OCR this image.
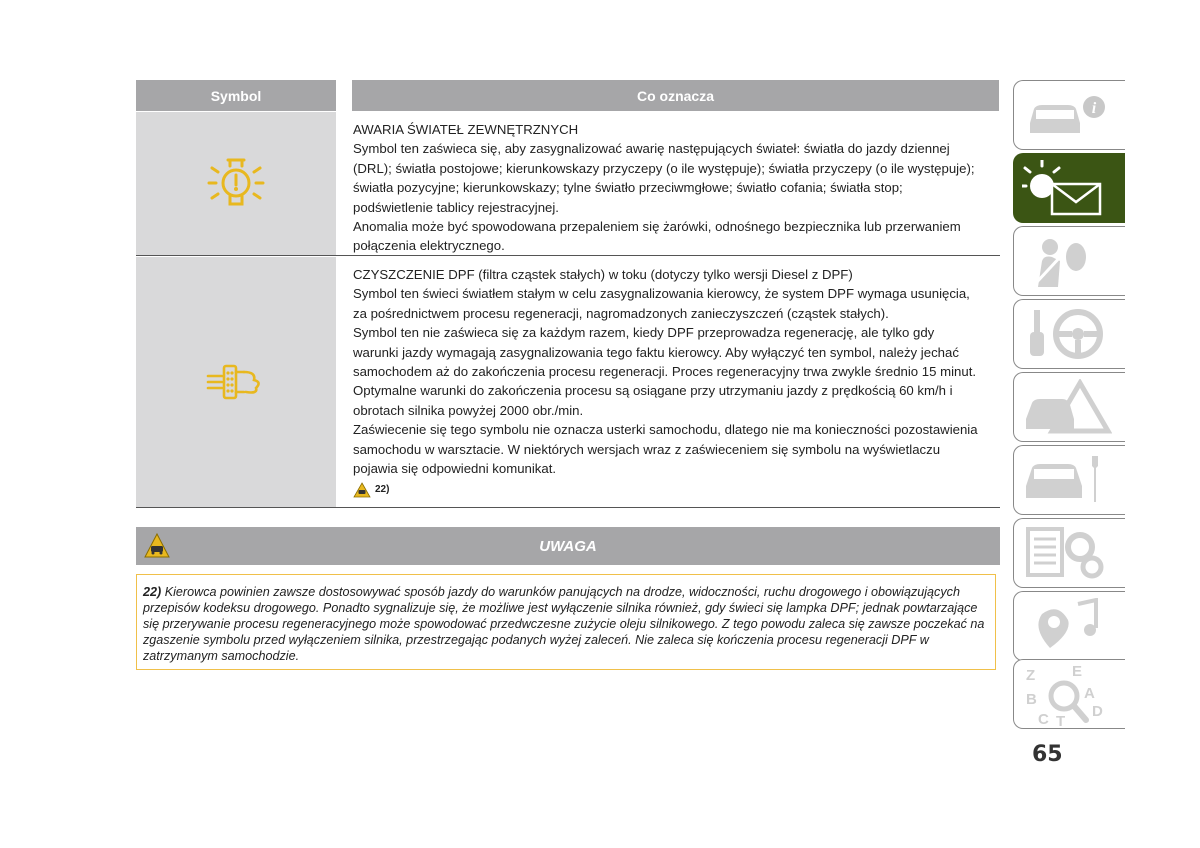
Symbol	Co oznacza
AWARIA ŚWIATEŁ ZEWNĘTRZNYCH
Symbol ten zaświeca się, aby zasygnalizować awarię następujących świateł: światła do jazdy dziennej
(DRL); światła postojowe; kierunkowskazy przyczepy (o ile występuje); światła przyczepy (o ile występuje);
światła pozycyjne; kierunkowskazy; tylne światło przeciwmgłowe; światło cofania; światła stop;
podświetlenie tablicy rejestracyjnej.
Anomalia może być spowodowana przepaleniem się żarówki, odnośnego bezpiecznika lub przerwaniem
połączenia elektrycznego.
CZYSZCZENIE DPF (filtra cząstek stałych) w toku (dotyczy tylko wersji Diesel z DPF)
Symbol ten świeci światłem stałym w celu zasygnalizowania kierowcy, że system DPF wymaga usunięcia,
za pośrednictwem procesu regeneracji, nagromadzonych zanieczyszczeń (cząstek stałych).
Symbol ten nie zaświeca się za każdym razem, kiedy DPF przeprowadza regenerację, ale tylko gdy
warunki jazdy wymagają zasygnalizowania tego faktu kierowcy. Aby wyłączyć ten symbol, należy jechać
samochodem aż do zakończenia procesu regeneracji. Proces regeneracyjny trwa zwykle średnio 15 minut.
Optymalne warunki do zakończenia procesu są osiągane przy utrzymaniu jazdy z prędkością 60 km/h i
obrotach silnika powyżej 2000 obr./min.
Zaświecenie się tego symbolu nie oznacza usterki samochodu, dlatego nie ma konieczności pozostawienia
samochodu w warsztacie. W niektórych wersjach wraz z zaświeceniem się symbolu na wyświetlaczu
pojawia się odpowiedni komunikat.
22)
UWAGA
22) Kierowca powinien zawsze dostosowywać sposób jazdy do warunków panujących na drodze, widoczności, ruchu drogowego i obowiązujących przepisów kodeksu drogowego. Ponadto sygnalizuje się, że możliwe jest wyłączenie silnika również, gdy świeci się lampka DPF; jednak powtarzające się przerywanie procesu regeneracyjnego może spowodować przedwczesne zużycie oleju silnikowego. Z tego powodu zaleca się zawsze poczekać na zgaszenie symbolu przed wyłączeniem silnika, przestrzegając podanych wyżej zaleceń. Nie zaleca się kończenia procesu regeneracji DPF w zatrzymanym samochodzie.
i
Z E
A
B
C T
D
65
